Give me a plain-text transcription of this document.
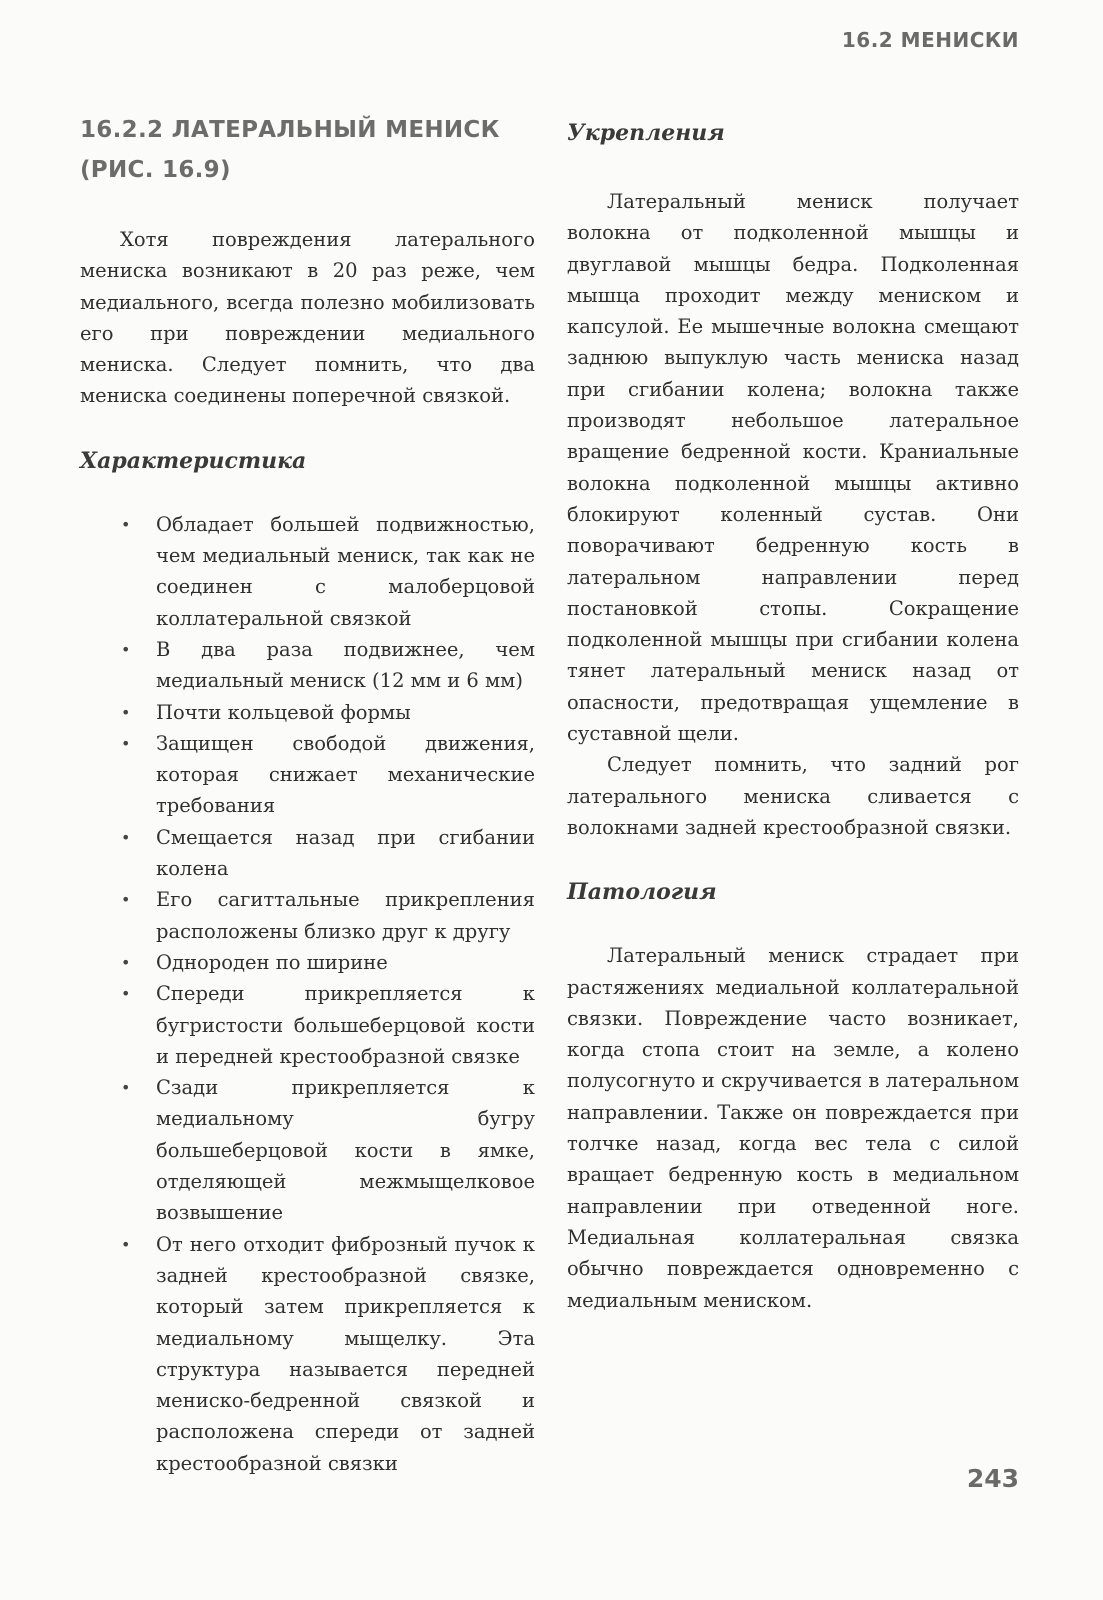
16.2 МЕНИСКИ
16.2.2 ЛАТЕРАЛЬНЫЙ МЕНИСК
(РИС. 16.9)

Хотя повреждения латерального мениска возникают в 20 раз реже, чем медиального, всегда полезно мобилизовать его при повреждении медиального мениска. Следует помнить, что два мениска соединены поперечной связкой.

Характеристика
• Обладает большей подвижностью, чем медиальный мениск, так как не соединен с малоберцовой коллатеральной связкой
• В два раза подвижнее, чем медиальный мениск (12 мм и 6 мм)
• Почти кольцевой формы
• Защищен свободой движения, которая снижает механические требования
• Смещается назад при сгибании колена
• Его сагиттальные прикрепления расположены близко друг к другу
• Однороден по ширине
• Спереди прикрепляется к бугристости большеберцовой кости и передней крестообразной связке
• Сзади прикрепляется к медиальному бугру большеберцовой кости в ямке, отделяющей межмыщелковое возвышение
• От него отходит фиброзный пучок к задней крестообразной связке, который затем прикрепляется к медиальному мыщелку. Эта структура называется передней мениско-бедренной связкой и расположена спереди от задней крестообразной связки
Укрепления

Латеральный мениск получает волокна от подколенной мышцы и двуглавой мышцы бедра. Подколенная мышца проходит между мениском и капсулой. Ее мышечные волокна смещают заднюю выпуклую часть мениска назад при сгибании колена; волокна также производят небольшое латеральное вращение бедренной кости. Краниальные волокна подколенной мышцы активно блокируют коленный сустав. Они поворачивают бедренную кость в латеральном направлении перед постановкой стопы. Сокращение подколенной мышцы при сгибании колена тянет латеральный мениск назад от опасности, предотвращая ущемление в суставной щели.

Следует помнить, что задний рог латерального мениска сливается с волокнами задней крестообразной связки.

Патология

Латеральный мениск страдает при растяжениях медиальной коллатеральной связки. Повреждение часто возникает, когда стопа стоит на земле, а колено полусогнуто и скручивается в латеральном направлении. Также он повреждается при толчке назад, когда вес тела с силой вращает бедренную кость в медиальном направлении при отведенной ноге. Медиальная коллатеральная связка обычно повреждается одновременно с медиальным мениском.

243
